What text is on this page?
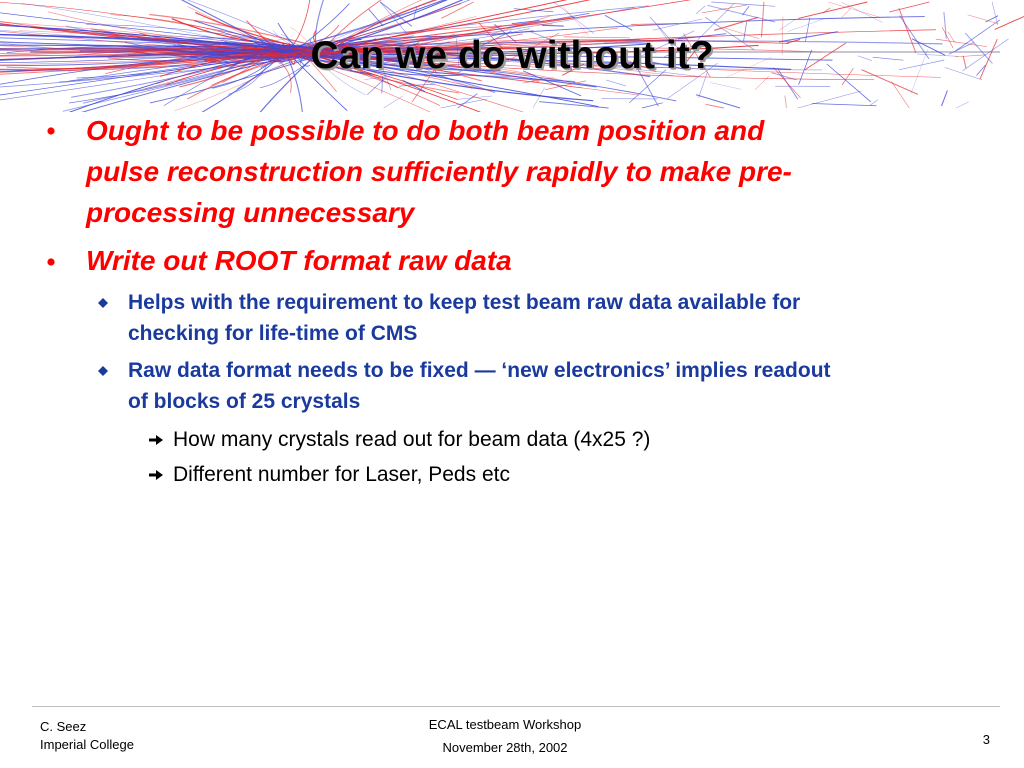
Can we do without it?
Ought to be possible to do both beam position and
pulse reconstruction sufficiently rapidly to make pre-
processing unnecessary
Write out ROOT format raw data
Helps with the requirement to keep test beam raw data available for
checking for life-time of CMS
Raw data format needs to be fixed — ‘new electronics’ implies readout
of blocks of 25 crystals
How many crystals read out for beam data (4x25 ?)
Different number for Laser, Peds etc
C. Seez
Imperial College
ECAL testbeam Workshop
November 28th, 2002
3
